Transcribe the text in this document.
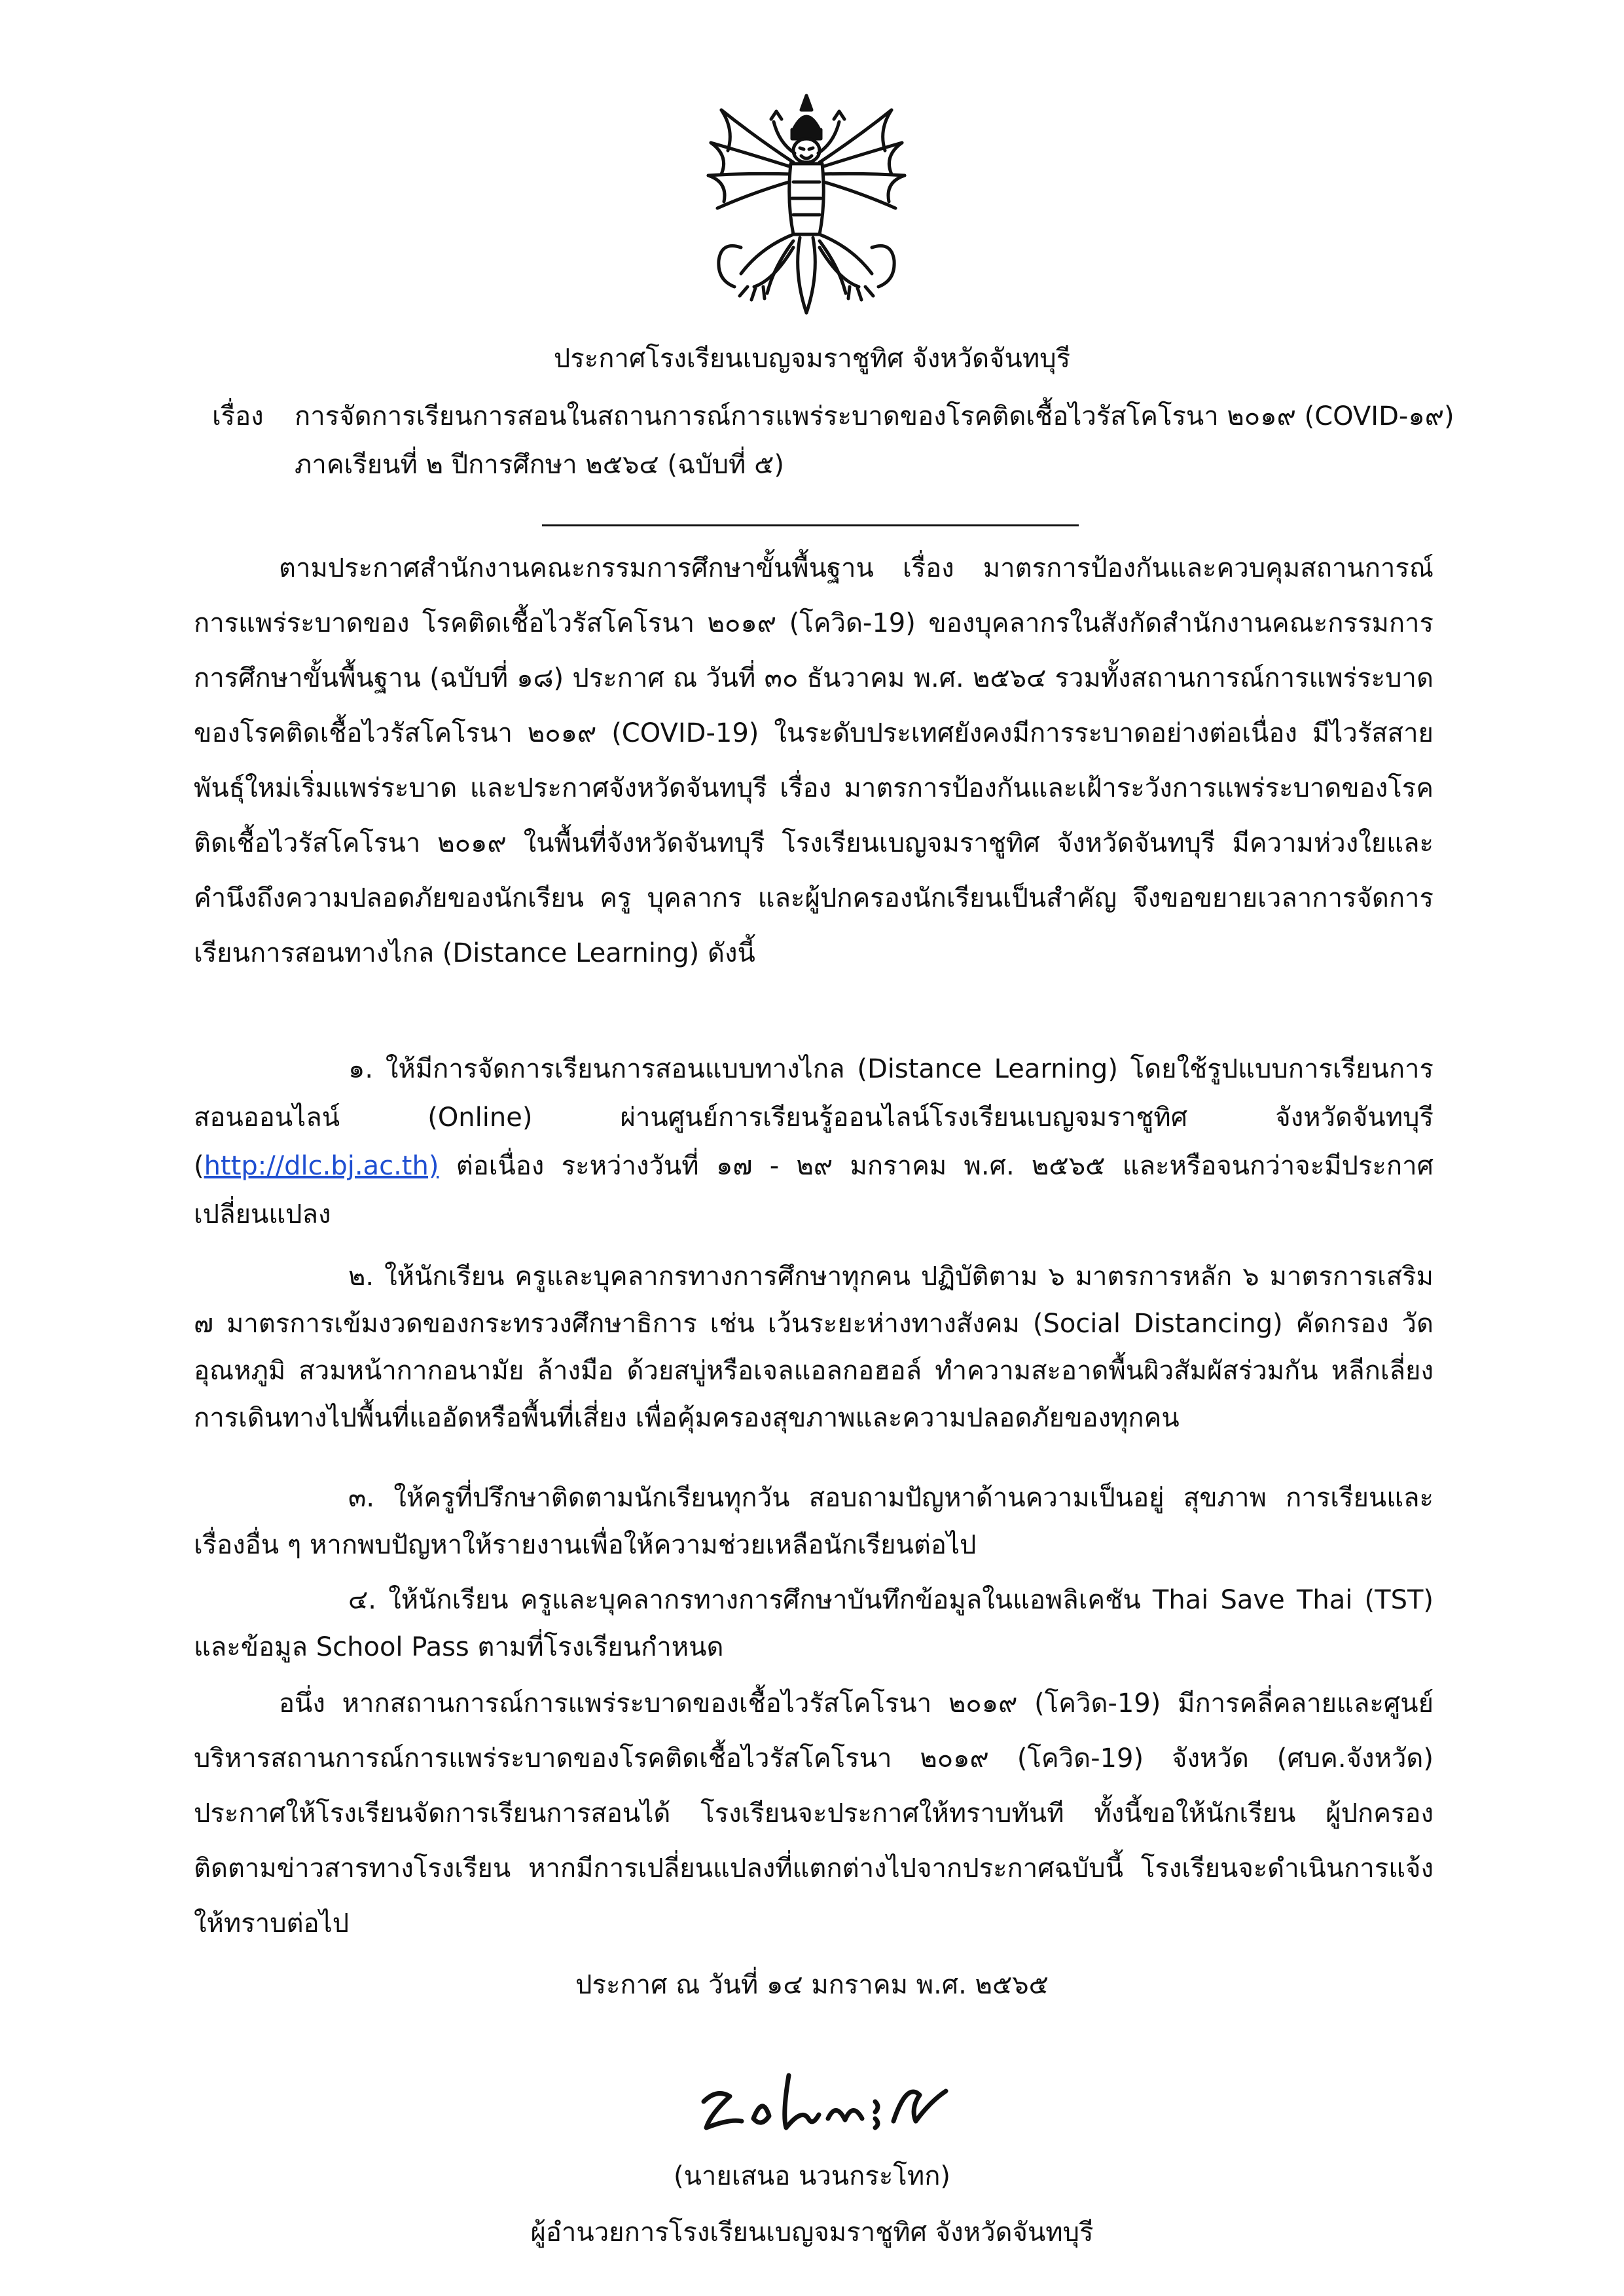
ประกาศโรงเรียนเบญจมราชูทิศ จังหวัดจันทบุรี
เรื่อง การจัดการเรียนการสอนในสถานการณ์การแพร่ระบาดของโรคติดเชื้อไวรัสโคโรนา ๒๐๑๙ (COVID-๑๙)
ภาคเรียนที่ ๒ ปีการศึกษา ๒๕๖๔ (ฉบับที่ ๕)

ตามประกาศสำนักงานคณะกรรมการศึกษาขั้นพื้นฐาน เรื่อง มาตรการป้องกันและควบคุมสถานการณ์การแพร่ระบาดของ โรคติดเชื้อไวรัสโคโรนา ๒๐๑๙ (โควิด-19) ของบุคลากรในสังกัดสำนักงานคณะกรรมการการศึกษาขั้นพื้นฐาน (ฉบับที่ ๑๘) ประกาศ ณ วันที่ ๓๐ ธันวาคม พ.ศ. ๒๕๖๔ รวมทั้งสถานการณ์การแพร่ระบาดของโรคติดเชื้อไวรัสโคโรนา ๒๐๑๙ (COVID-19) ในระดับประเทศยังคงมีการระบาดอย่างต่อเนื่อง มีไวรัสสายพันธุ์ใหม่เริ่มแพร่ระบาด และประกาศจังหวัดจันทบุรี เรื่อง มาตรการป้องกันและเฝ้าระวังการแพร่ระบาดของโรคติดเชื้อไวรัสโคโรนา ๒๐๑๙ ในพื้นที่จังหวัดจันทบุรี โรงเรียนเบญจมราชูทิศ จังหวัดจันทบุรี มีความห่วงใยและคำนึงถึงความปลอดภัยของนักเรียน ครู บุคลากร และผู้ปกครองนักเรียนเป็นสำคัญ จึงขอขยายเวลาการจัดการเรียนการสอนทางไกล (Distance Learning) ดังนี้

๑. ให้มีการจัดการเรียนการสอนแบบทางไกล (Distance Learning) โดยใช้รูปแบบการเรียนการสอนออนไลน์ (Online) ผ่านศูนย์การเรียนรู้ออนไลน์โรงเรียนเบญจมราชูทิศ จังหวัดจันทบุรี (http://dlc.bj.ac.th) ต่อเนื่อง ระหว่างวันที่ ๑๗ - ๒๙ มกราคม พ.ศ. ๒๕๖๕ และหรือจนกว่าจะมีประกาศเปลี่ยนแปลง

๒. ให้นักเรียน ครูและบุคลากรทางการศึกษาทุกคน ปฏิบัติตาม ๖ มาตรการหลัก ๖ มาตรการเสริม ๗ มาตรการเข้มงวดของกระทรวงศึกษาธิการ เช่น เว้นระยะห่างทางสังคม (Social Distancing) คัดกรอง วัดอุณหภูมิ สวมหน้ากากอนามัย ล้างมือ ด้วยสบู่หรือเจลแอลกอฮอล์ ทำความสะอาดพื้นผิวสัมผัสร่วมกัน หลีกเลี่ยงการเดินทางไปพื้นที่แออัดหรือพื้นที่เสี่ยง เพื่อคุ้มครองสุขภาพและความปลอดภัยของทุกคน

๓. ให้ครูที่ปรึกษาติดตามนักเรียนทุกวัน สอบถามปัญหาด้านความเป็นอยู่ สุขภาพ การเรียนและเรื่องอื่น ๆ หากพบปัญหาให้รายงานเพื่อให้ความช่วยเหลือนักเรียนต่อไป

๔. ให้นักเรียน ครูและบุคลากรทางการศึกษาบันทึกข้อมูลในแอพลิเคชัน Thai Save Thai (TST) และข้อมูล School Pass ตามที่โรงเรียนกำหนด

อนึ่ง หากสถานการณ์การแพร่ระบาดของเชื้อไวรัสโคโรนา ๒๐๑๙ (โควิด-19) มีการคลี่คลายและศูนย์บริหารสถานการณ์การแพร่ระบาดของโรคติดเชื้อไวรัสโคโรนา ๒๐๑๙ (โควิด-19) จังหวัด (ศบค.จังหวัด) ประกาศให้โรงเรียนจัดการเรียนการสอนได้ โรงเรียนจะประกาศให้ทราบทันที ทั้งนี้ขอให้นักเรียน ผู้ปกครองติดตามข่าวสารทางโรงเรียน หากมีการเปลี่ยนแปลงที่แตกต่างไปจากประกาศฉบับนี้ โรงเรียนจะดำเนินการแจ้งให้ทราบต่อไป

ประกาศ ณ วันที่ ๑๔ มกราคม พ.ศ. ๒๕๖๕
(นายเสนอ นวนกระโทก)
ผู้อำนวยการโรงเรียนเบญจมราชูทิศ จังหวัดจันทบุรี
